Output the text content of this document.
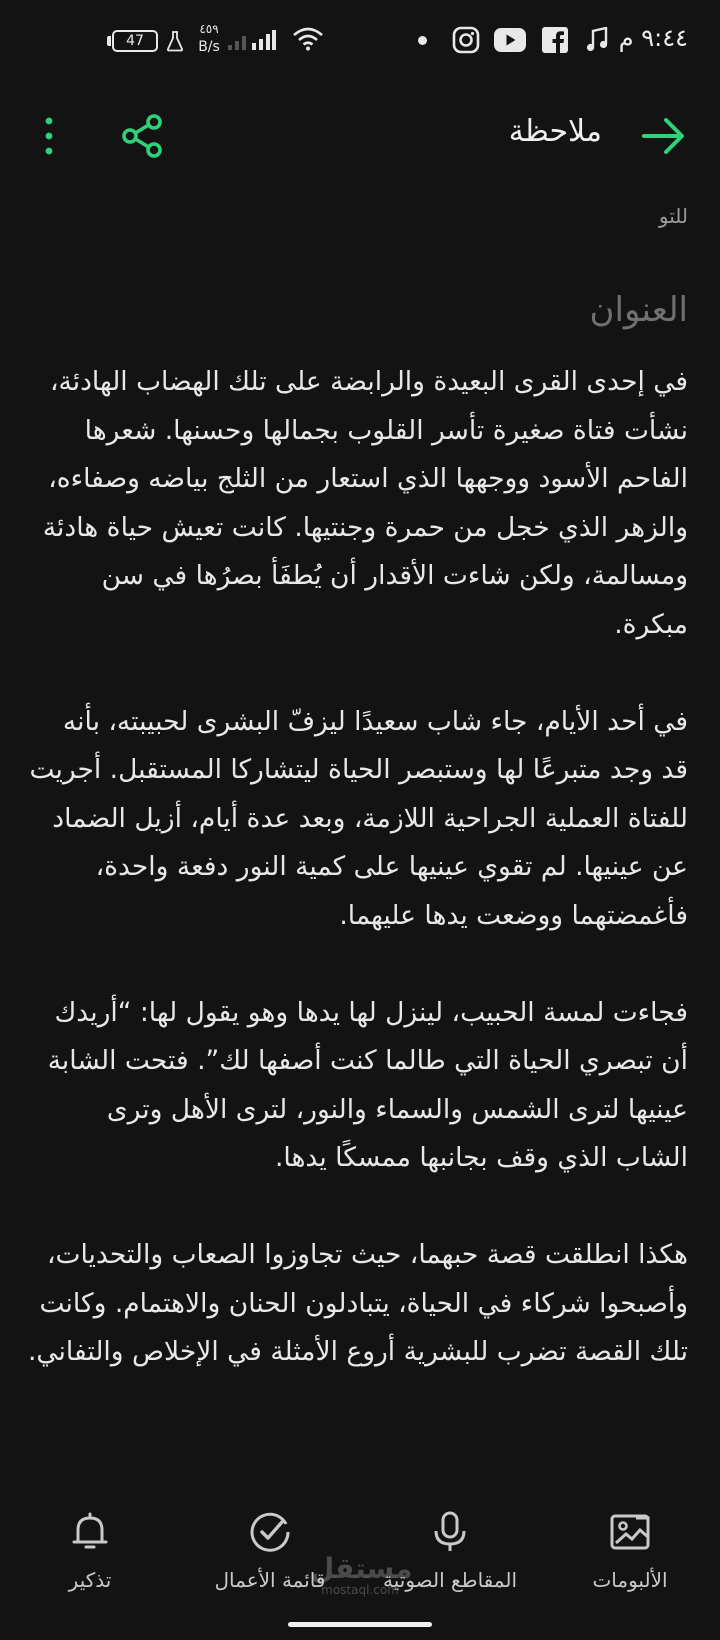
47
٤٥٩
B/s	٩:٤٤ م
ملاحظة
للتو
العنوان

في إحدى القرى البعيدة والرابضة على تلك الهضاب الهادئة، نشأت فتاة صغيرة تأسر القلوب بجمالها وحسنها. شعرها الفاحم الأسود ووجهها الذي استعار من الثلج بياضه وصفاءه، والزهر الذي خجل من حمرة وجنتيها. كانت تعيش حياة هادئة ومسالمة، ولكن شاءت الأقدار أن يُطفَأ بصرُها في سن مبكرة.

في أحد الأيام، جاء شاب سعيدًا ليزفّ البشرى لحبيبته، بأنه قد وجد متبرعًا لها وستبصر الحياة ليتشاركا المستقبل. أجريت للفتاة العملية الجراحية اللازمة، وبعد عدة أيام، أزيل الضماد عن عينيها. لم تقوي عينيها على كمية النور دفعة واحدة، فأغمضتهما ووضعت يدها عليهما.

فجاءت لمسة الحبيب، لينزل لها يدها وهو يقول لها: “أريدك أن تبصري الحياة التي طالما كنت أصفها لك”. فتحت الشابة عينيها لترى الشمس والسماء والنور، لترى الأهل وترى الشاب الذي وقف بجانبها ممسكًا يدها.

هكذا انطلقت قصة حبهما، حيث تجاوزوا الصعاب والتحديات، وأصبحوا شركاء في الحياة، يتبادلون الحنان والاهتمام. وكانت تلك القصة تضرب للبشرية أروع الأمثلة في الإخلاص والتفاني.

الألبومات
المقاطع الصوتية
قائمة الأعمال
تذكير	مستقل
mostaql.com
